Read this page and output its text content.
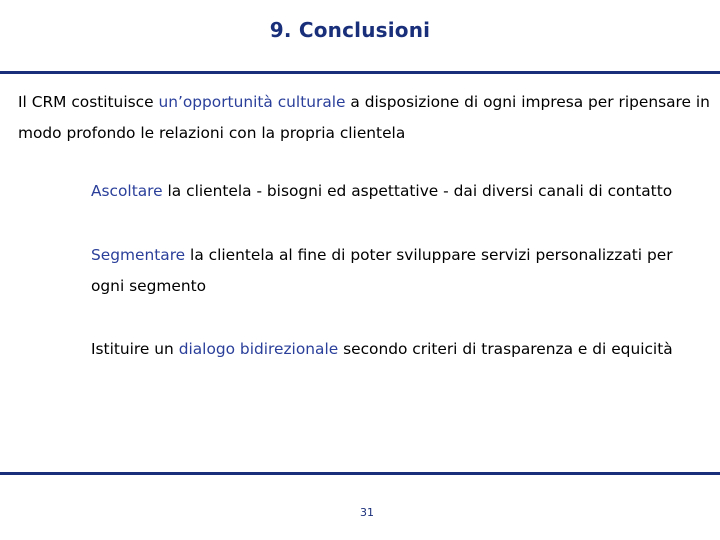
9. Conclusioni
Il CRM costituisce un’opportunità culturale a disposizione di ogni impresa per ripensare in modo profondo le relazioni con la propria clientela
Ascoltare la clientela - bisogni ed aspettative - dai diversi canali di contatto
Segmentare la clientela al fine di poter sviluppare servizi personalizzati per ogni segmento
Istituire un dialogo bidirezionale secondo criteri di trasparenza e di equicità
31
